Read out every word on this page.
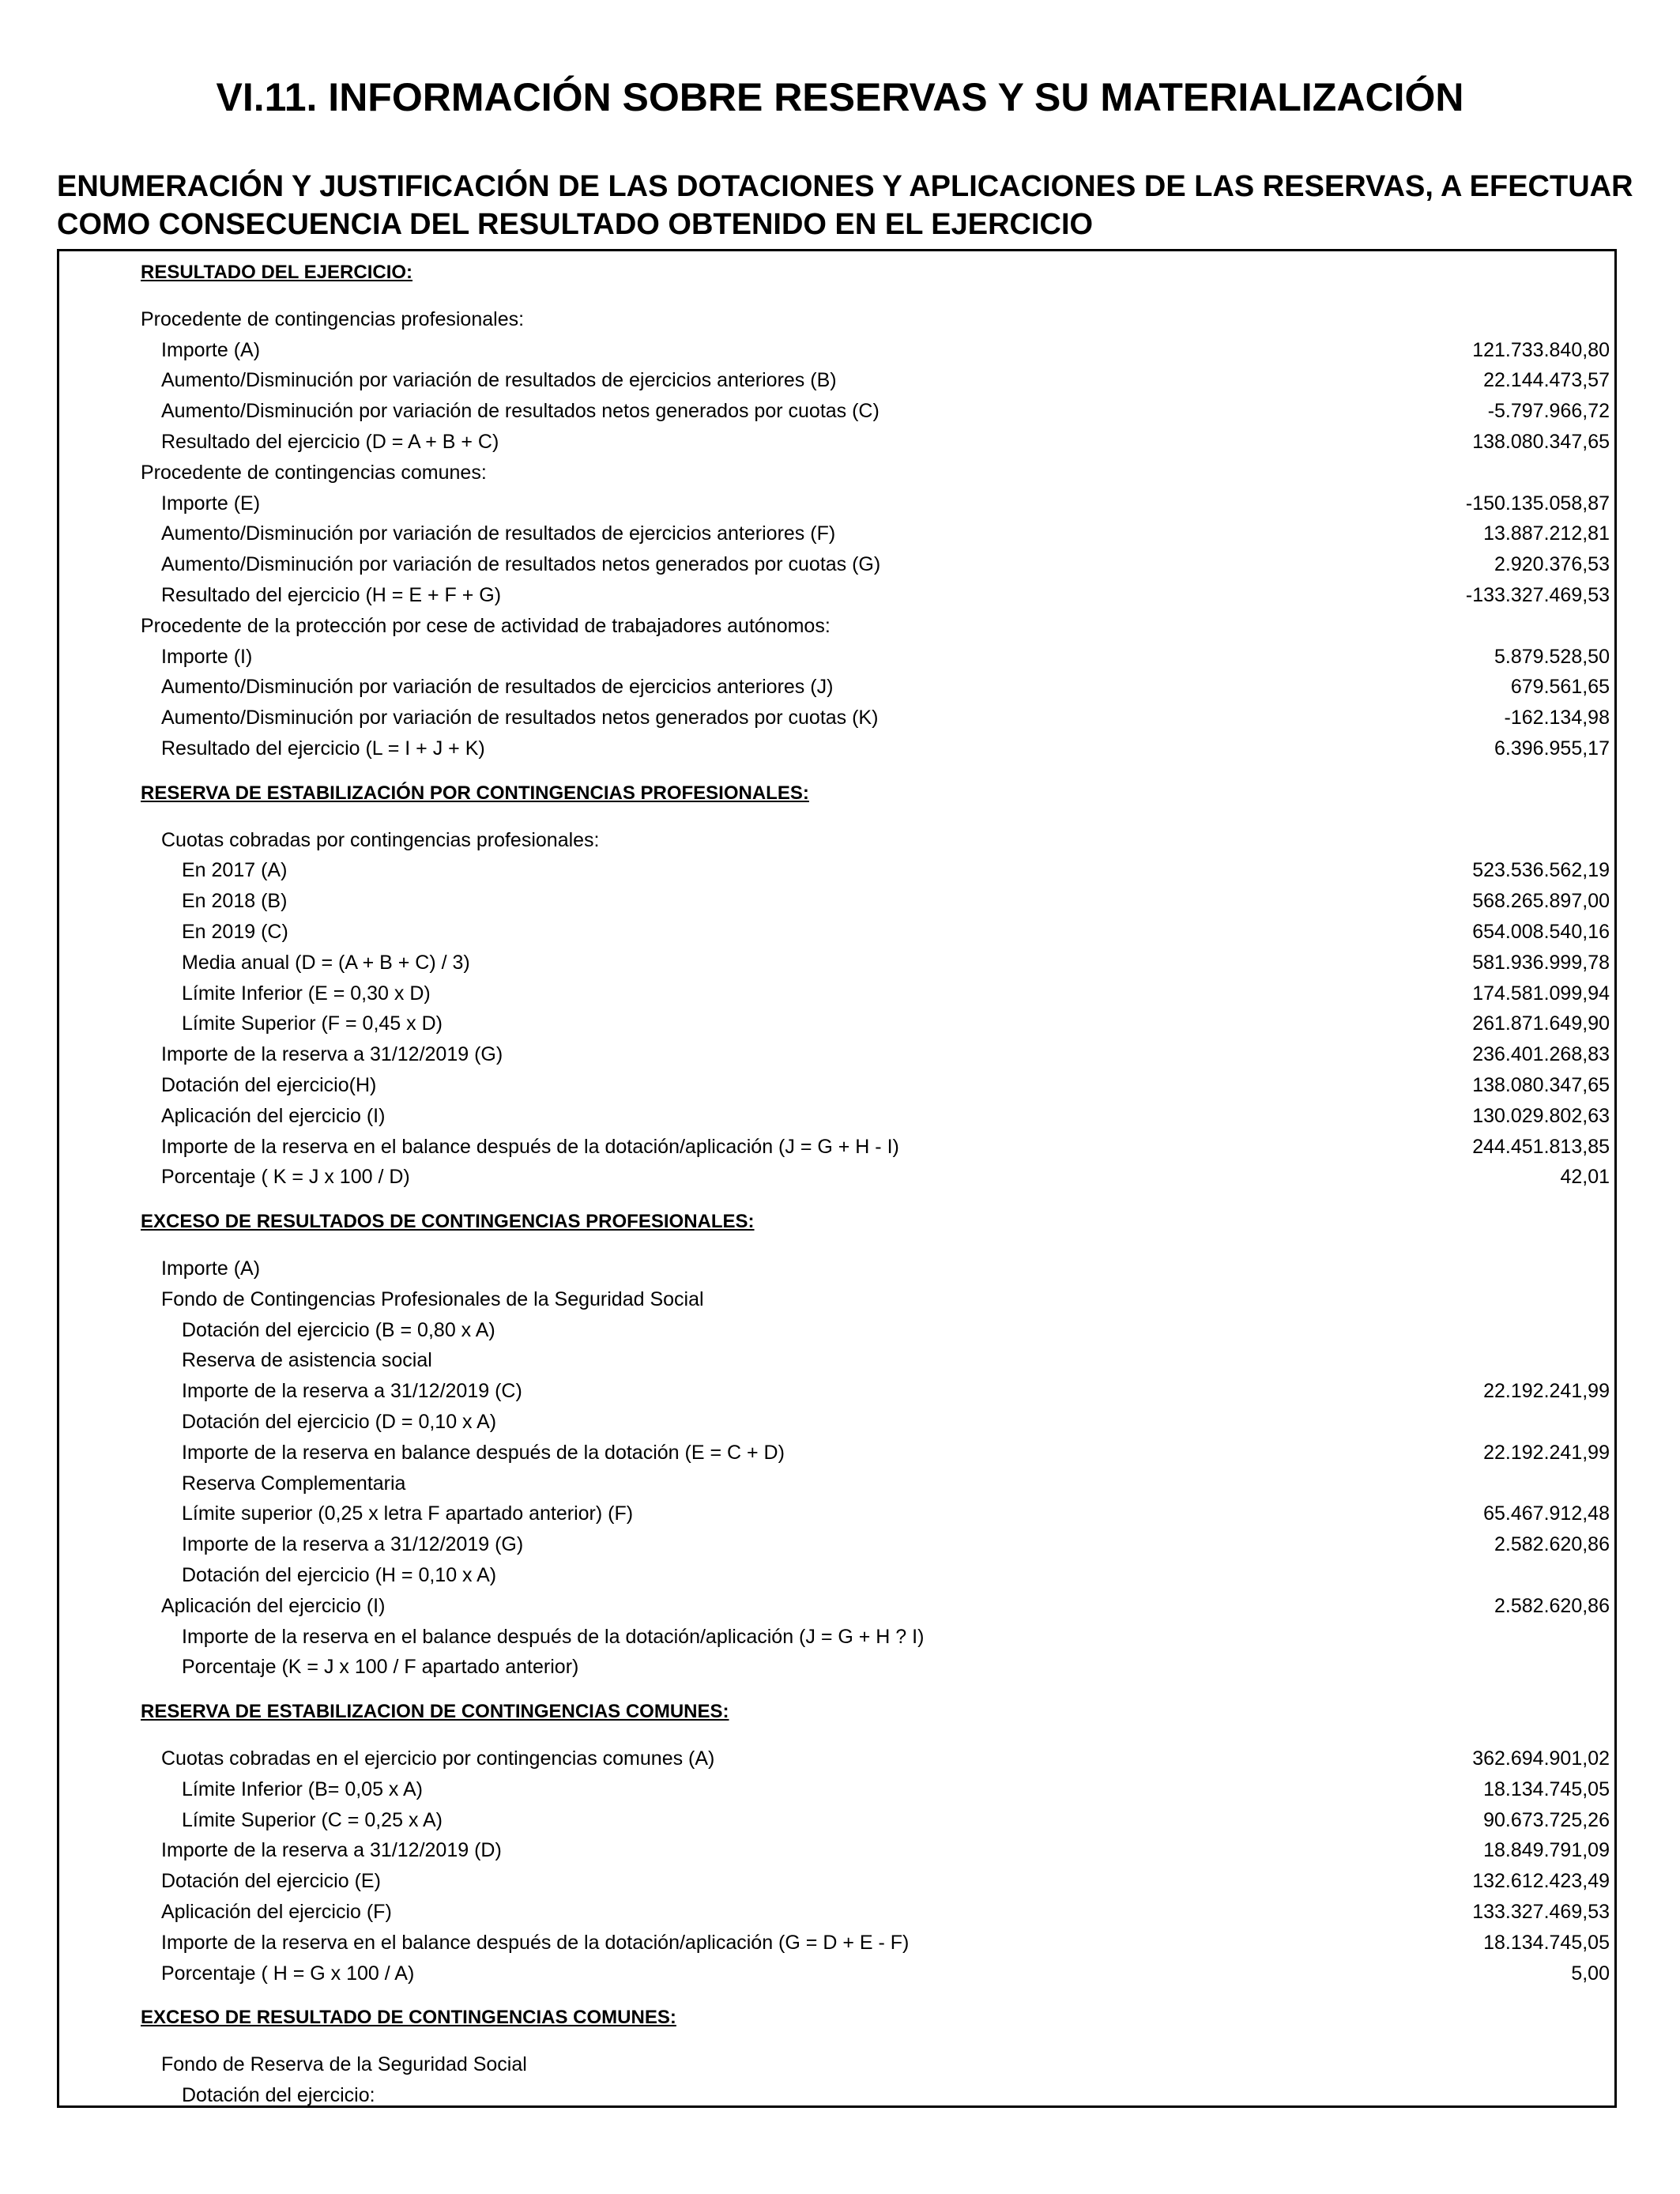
VI.11. INFORMACIÓN SOBRE RESERVAS Y SU MATERIALIZACIÓN
ENUMERACIÓN Y JUSTIFICACIÓN DE LAS DOTACIONES Y APLICACIONES DE LAS RESERVAS, A EFECTUAR COMO CONSECUENCIA DEL RESULTADO OBTENIDO EN EL EJERCICIO
RESULTADO DEL EJERCICIO:
Procedente de contingencias profesionales:
Importe (A)	121.733.840,80
Aumento/Disminución por variación de resultados de ejercicios anteriores (B)	22.144.473,57
Aumento/Disminución por variación de resultados netos generados por cuotas (C)	-5.797.966,72
Resultado del ejercicio (D = A + B + C)	138.080.347,65
Procedente de contingencias comunes:
Importe (E)	-150.135.058,87
Aumento/Disminución por variación de resultados de ejercicios anteriores (F)	13.887.212,81
Aumento/Disminución por variación de resultados netos generados por cuotas (G)	2.920.376,53
Resultado del ejercicio (H = E + F + G)	-133.327.469,53
Procedente de la protección por cese de actividad de trabajadores autónomos:
Importe (I)	5.879.528,50
Aumento/Disminución por variación de resultados de ejercicios anteriores (J)	679.561,65
Aumento/Disminución por variación de resultados netos generados por cuotas (K)	-162.134,98
Resultado del ejercicio (L = I + J + K)	6.396.955,17
RESERVA DE ESTABILIZACIÓN POR CONTINGENCIAS PROFESIONALES:
Cuotas cobradas por contingencias profesionales:
En 2017 (A)	523.536.562,19
En 2018 (B)	568.265.897,00
En 2019 (C)	654.008.540,16
Media anual (D = (A + B + C) / 3)	581.936.999,78
Límite Inferior (E = 0,30 x D)	174.581.099,94
Límite Superior (F = 0,45 x D)	261.871.649,90
Importe de la reserva a 31/12/2019 (G)	236.401.268,83
Dotación del ejercicio(H)	138.080.347,65
Aplicación del ejercicio (I)	130.029.802,63
Importe de la reserva en el balance después de la dotación/aplicación (J = G + H - I)	244.451.813,85
Porcentaje ( K = J x 100 / D)	42,01
EXCESO DE RESULTADOS DE CONTINGENCIAS PROFESIONALES:
Importe (A)
Fondo de Contingencias Profesionales de la Seguridad Social
Dotación del ejercicio (B = 0,80 x A)
Reserva de asistencia social
Importe de la reserva a 31/12/2019 (C)	22.192.241,99
Dotación del ejercicio (D = 0,10 x A)
Importe de la reserva en balance después de la dotación (E = C + D)	22.192.241,99
Reserva Complementaria
Límite superior (0,25 x letra F apartado anterior) (F)	65.467.912,48
Importe de la reserva a 31/12/2019 (G)	2.582.620,86
Dotación del ejercicio (H = 0,10 x A)
Aplicación del ejercicio (I)	2.582.620,86
Importe de la reserva en el balance después de la dotación/aplicación (J = G + H ? I)
Porcentaje (K = J x 100 / F apartado anterior)
RESERVA DE ESTABILIZACION DE CONTINGENCIAS COMUNES:
Cuotas cobradas en el ejercicio por contingencias comunes (A)	362.694.901,02
Límite Inferior (B= 0,05 x A)	18.134.745,05
Límite Superior (C = 0,25 x A)	90.673.725,26
Importe de la reserva a 31/12/2019 (D)	18.849.791,09
Dotación del ejercicio (E)	132.612.423,49
Aplicación del ejercicio (F)	133.327.469,53
Importe de la reserva en el balance después de la dotación/aplicación (G = D + E - F)	18.134.745,05
Porcentaje ( H = G x 100 / A)	5,00
EXCESO DE RESULTADO DE CONTINGENCIAS COMUNES:
Fondo de Reserva de la Seguridad Social
Dotación del ejercicio:
